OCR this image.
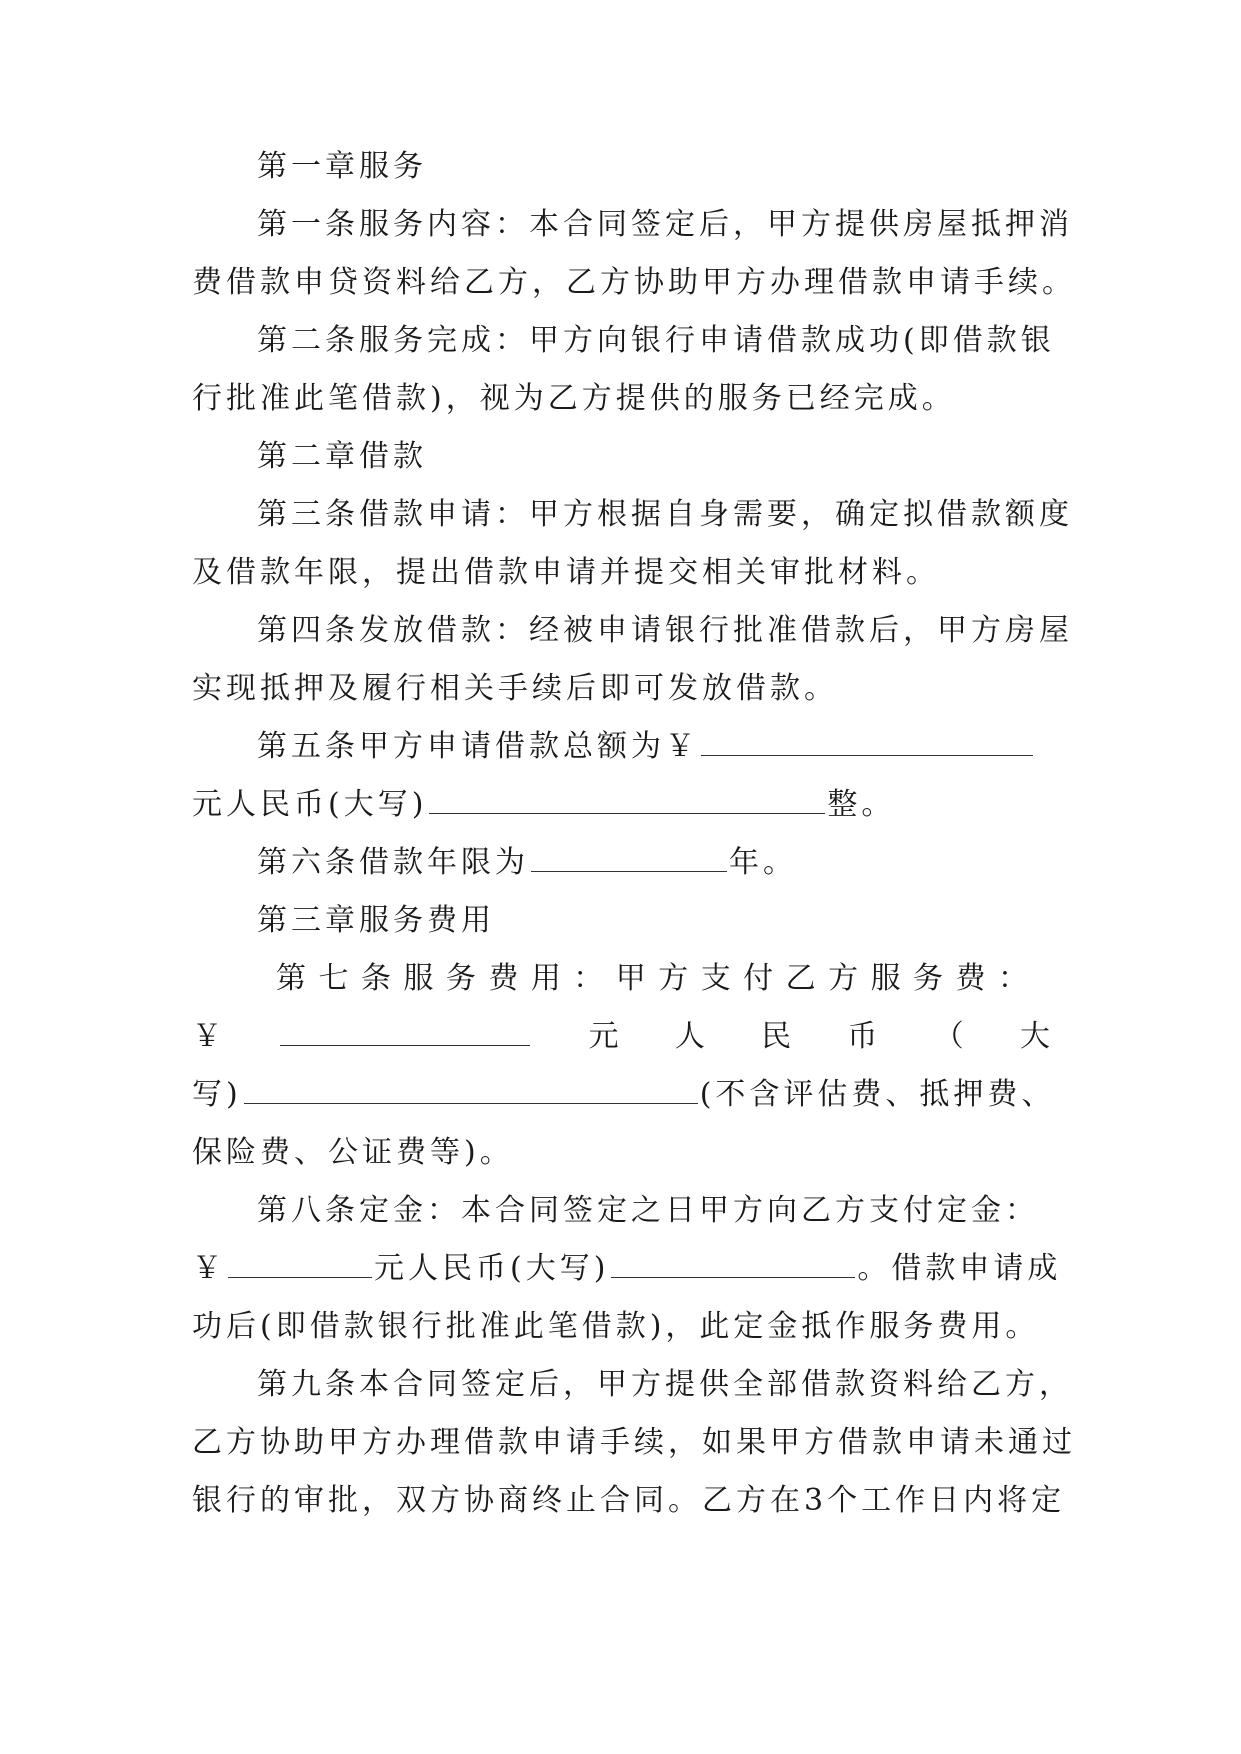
第一章服务
第一条服务内容：本合同签定后，甲方提供房屋抵押消
费借款申贷资料给乙方，乙方协助甲方办理借款申请手续。
第二条服务完成：甲方向银行申请借款成功(即借款银
行批准此笔借款)，视为乙方提供的服务已经完成。
第二章借款
第三条借款申请：甲方根据自身需要，确定拟借款额度
及借款年限，提出借款申请并提交相关审批材料。
第四条发放借款：经被申请银行批准借款后，甲方房屋
实现抵押及履行相关手续后即可发放借款。
第五条甲方申请借款总额为￥
元人民币(大写)	整。
第六条借款年限为	年。
第三章服务费用
第 七 条 服 务 费 用 ： 甲 方 支 付 乙 方 服 务 费 ：
￥	元 人 民 币 （ 大
写)	(不含评估费、抵押费、
保险费、公证费等)。
第八条定金：本合同签定之日甲方向乙方支付定金：
￥	元人民币(大写)	。借款申请成
功后(即借款银行批准此笔借款)，此定金抵作服务费用。
第九条本合同签定后，甲方提供全部借款资料给乙方，
乙方协助甲方办理借款申请手续，如果甲方借款申请未通过
银行的审批，双方协商终止合同。乙方在3个工作日内将定
